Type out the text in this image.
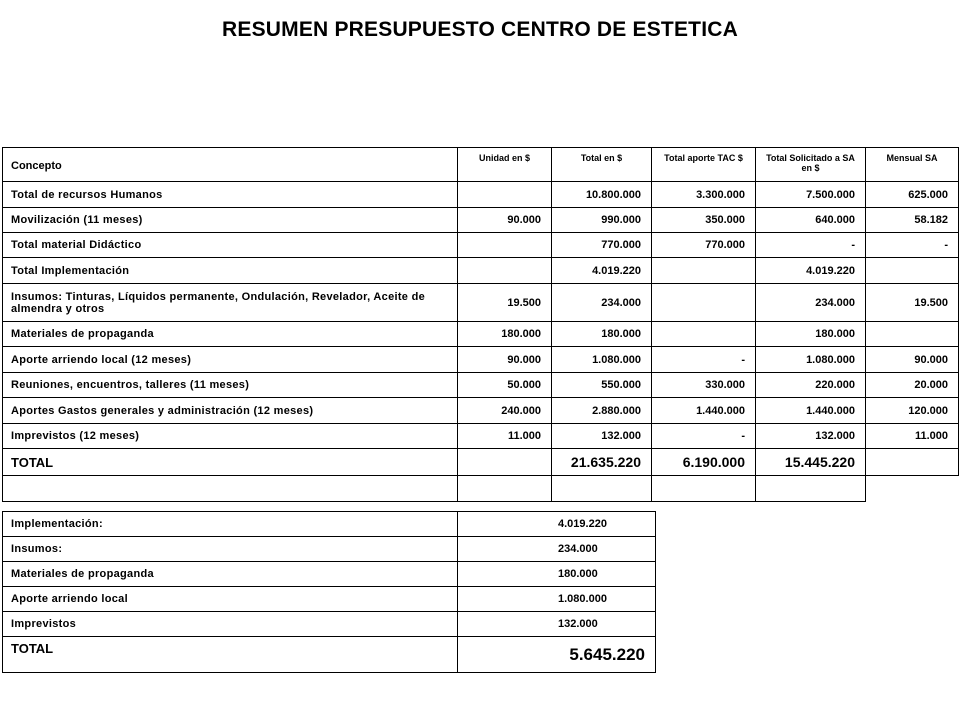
RESUMEN PRESUPUESTO CENTRO DE ESTETICA
Concepto	Unidad en $	Total en $	Total aporte TAC $	Total Solicitado a SA en $	Mensual SA
Total de recursos Humanos		10.800.000	3.300.000	7.500.000	625.000
Movilización (11 meses)	90.000	990.000	350.000	640.000	58.182
Total material Didáctico		770.000	770.000	-	-
Total Implementación		4.019.220		4.019.220	
Insumos: Tinturas, Líquidos permanente, Ondulación, Revelador, Aceite de almendra y otros	19.500	234.000		234.000	19.500
Materiales de propaganda	180.000	180.000		180.000	
Aporte arriendo local (12 meses)	90.000	1.080.000	-	1.080.000	90.000
Reuniones, encuentros, talleres (11 meses)	50.000	550.000	330.000	220.000	20.000
Aportes Gastos generales y administración (12 meses)	240.000	2.880.000	1.440.000	1.440.000	120.000
Imprevistos (12 meses)	11.000	132.000	-	132.000	11.000
TOTAL		21.635.220	6.190.000	15.445.220	

Implementación:	4.019.220
Insumos:	234.000
Materiales de propaganda	180.000
Aporte arriendo local	1.080.000
Imprevistos	132.000
TOTAL	5.645.220
